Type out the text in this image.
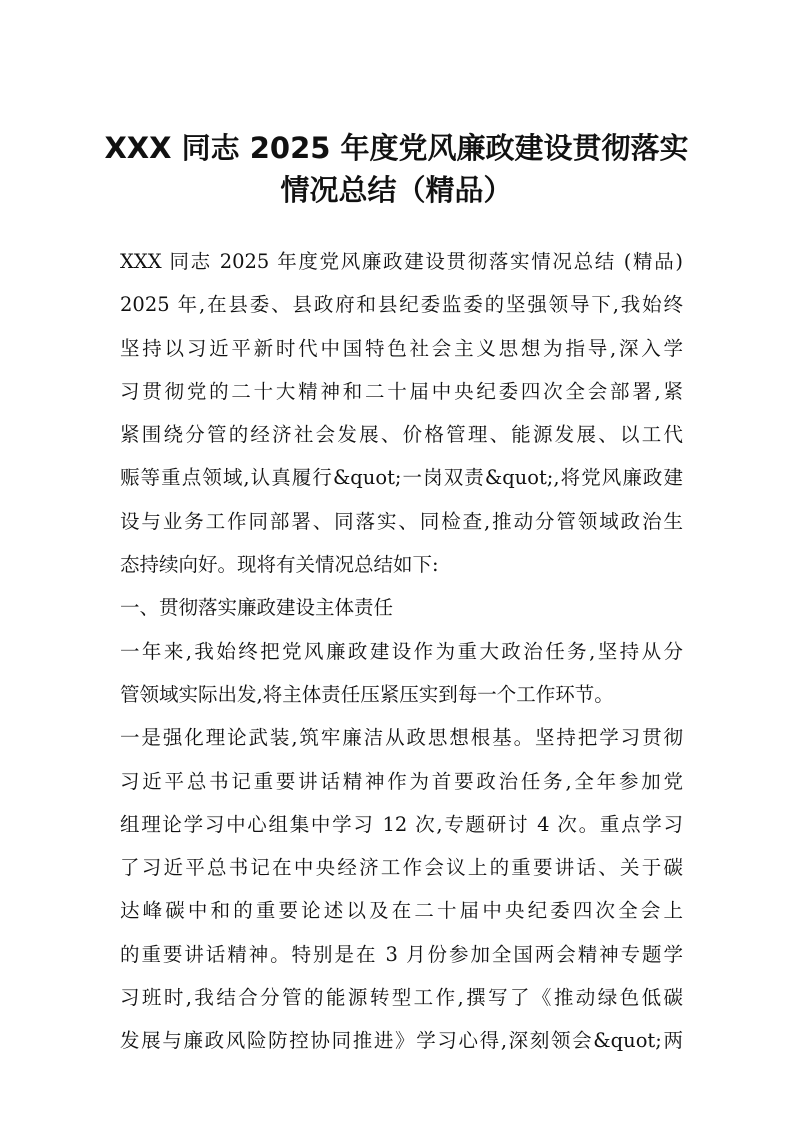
XXX 同志 2025 年度党风廉政建设贯彻落实
情况总结（精品）
XXX 同志 2025 年度党风廉政建设贯彻落实情况总结 (精品)
2025 年,在县委、县政府和县纪委监委的坚强领导下,我始终
坚持以习近平新时代中国特色社会主义思想为指导,深入学
习贯彻党的二十大精神和二十届中央纪委四次全会部署,紧
紧围绕分管的经济社会发展、价格管理、能源发展、以工代
赈等重点领域,认真履行&quot;一岗双责&quot;,将党风廉政建
设与业务工作同部署、同落实、同检查,推动分管领域政治生
态持续向好。现将有关情况总结如下:
一、贯彻落实廉政建设主体责任
一年来,我始终把党风廉政建设作为重大政治任务,坚持从分
管领域实际出发,将主体责任压紧压实到每一个工作环节。
一是强化理论武装,筑牢廉洁从政思想根基。坚持把学习贯彻
习近平总书记重要讲话精神作为首要政治任务,全年参加党
组理论学习中心组集中学习 12 次,专题研讨 4 次。重点学习
了习近平总书记在中央经济工作会议上的重要讲话、关于碳
达峰碳中和的重要论述以及在二十届中央纪委四次全会上
的重要讲话精神。特别是在 3 月份参加全国两会精神专题学
习班时,我结合分管的能源转型工作,撰写了《推动绿色低碳
发展与廉政风险防控协同推进》学习心得,深刻领会&quot;两
